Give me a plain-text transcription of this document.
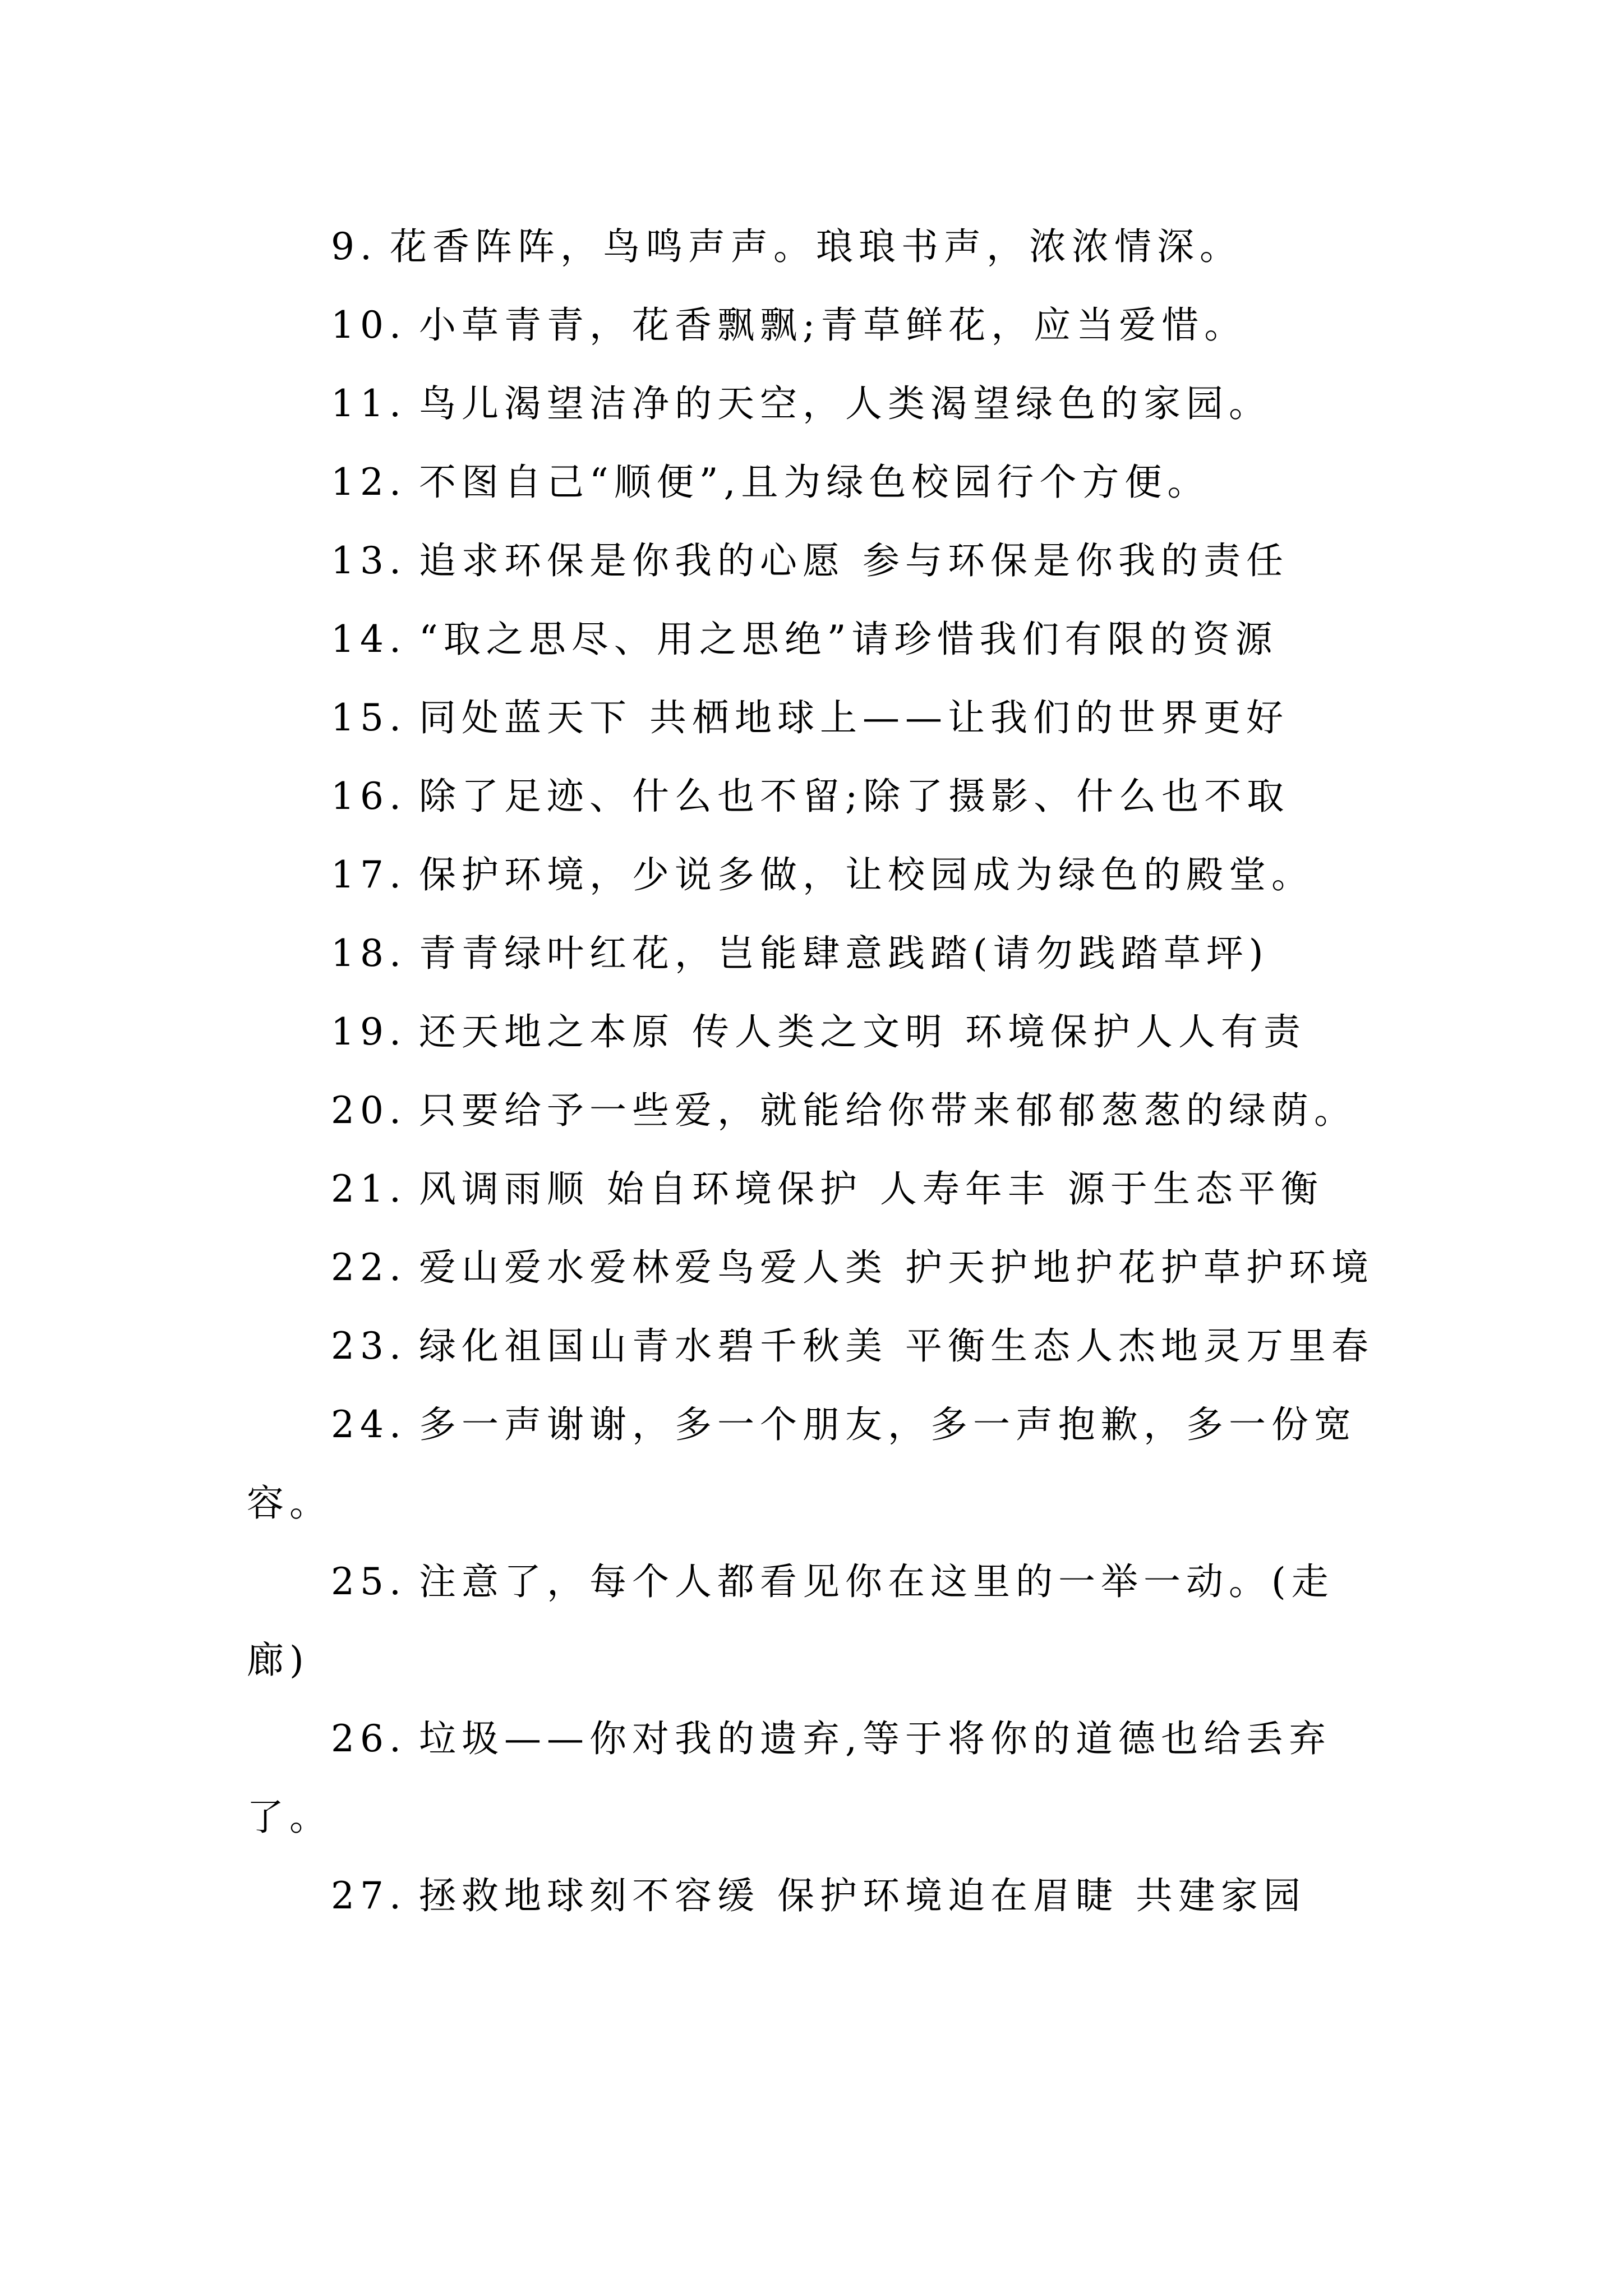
9. 花香阵阵，鸟鸣声声。琅琅书声，浓浓情深。

10. 小草青青，花香飘飘;青草鲜花，应当爱惜。

11. 鸟儿渴望洁净的天空，人类渴望绿色的家园。

12. 不图自己“顺便”,且为绿色校园行个方便。

13. 追求环保是你我的心愿 参与环保是你我的责任

14. “取之思尽、用之思绝”请珍惜我们有限的资源

15. 同处蓝天下 共栖地球上——让我们的世界更好

16. 除了足迹、什么也不留;除了摄影、什么也不取

17. 保护环境，少说多做，让校园成为绿色的殿堂。

18. 青青绿叶红花，岂能肆意践踏(请勿践踏草坪)

19. 还天地之本原 传人类之文明 环境保护人人有责

20. 只要给予一些爱，就能给你带来郁郁葱葱的绿荫。

21. 风调雨顺 始自环境保护 人寿年丰 源于生态平衡

22. 爱山爱水爱林爱鸟爱人类 护天护地护花护草护环境

23. 绿化祖国山青水碧千秋美 平衡生态人杰地灵万里春

24. 多一声谢谢，多一个朋友，多一声抱歉，多一份宽容。

25. 注意了，每个人都看见你在这里的一举一动。(走廊)

26. 垃圾——你对我的遗弃,等于将你的道德也给丢弃了。

27. 拯救地球刻不容缓 保护环境迫在眉睫 共建家园
